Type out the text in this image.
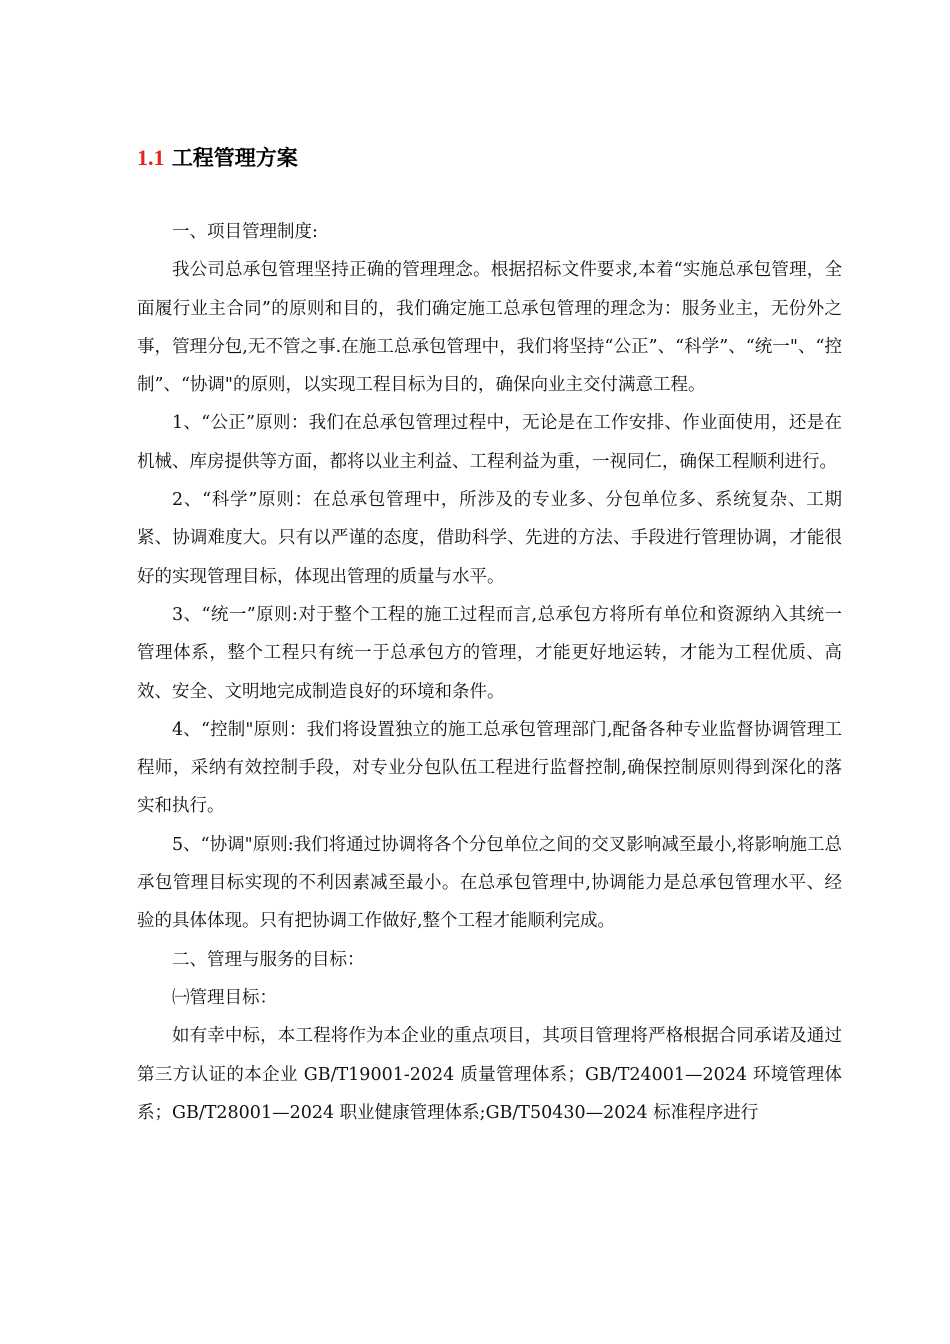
1.1 工程管理方案

一、项目管理制度:

我公司总承包管理坚持正确的管理理念。根据招标文件要求,本着“实施总承包管理，全面履行业主合同”的原则和目的，我们确定施工总承包管理的理念为：服务业主，无份外之事，管理分包,无不管之事.在施工总承包管理中，我们将坚持“公正”、“科学”、“统一"、“控制”、“协调"的原则，以实现工程目标为目的，确保向业主交付满意工程。

1、“公正”原则：我们在总承包管理过程中，无论是在工作安排、作业面使用，还是在机械、库房提供等方面，都将以业主利益、工程利益为重，一视同仁，确保工程顺利进行。

2、“科学”原则：在总承包管理中，所涉及的专业多、分包单位多、系统复杂、工期紧、协调难度大。只有以严谨的态度，借助科学、先进的方法、手段进行管理协调，才能很好的实现管理目标，体现出管理的质量与水平。

3、“统一”原则:对于整个工程的施工过程而言,总承包方将所有单位和资源纳入其统一管理体系，整个工程只有统一于总承包方的管理，才能更好地运转，才能为工程优质、高效、安全、文明地完成制造良好的环境和条件。

4、“控制"原则：我们将设置独立的施工总承包管理部门,配备各种专业监督协调管理工程师，采纳有效控制手段，对专业分包队伍工程进行监督控制,确保控制原则得到深化的落实和执行。

5、“协调"原则:我们将通过协调将各个分包单位之间的交叉影响减至最小,将影响施工总承包管理目标实现的不利因素减至最小。在总承包管理中,协调能力是总承包管理水平、经验的具体体现。只有把协调工作做好,整个工程才能顺利完成。

二、管理与服务的目标：

㈠管理目标：

如有幸中标，本工程将作为本企业的重点项目，其项目管理将严格根据合同承诺及通过第三方认证的本企业 GB/T19001-2024 质量管理体系；GB/T24001—2024 环境管理体系；GB/T28001—2024 职业健康管理体系;GB/T50430—2024 标准程序进行
